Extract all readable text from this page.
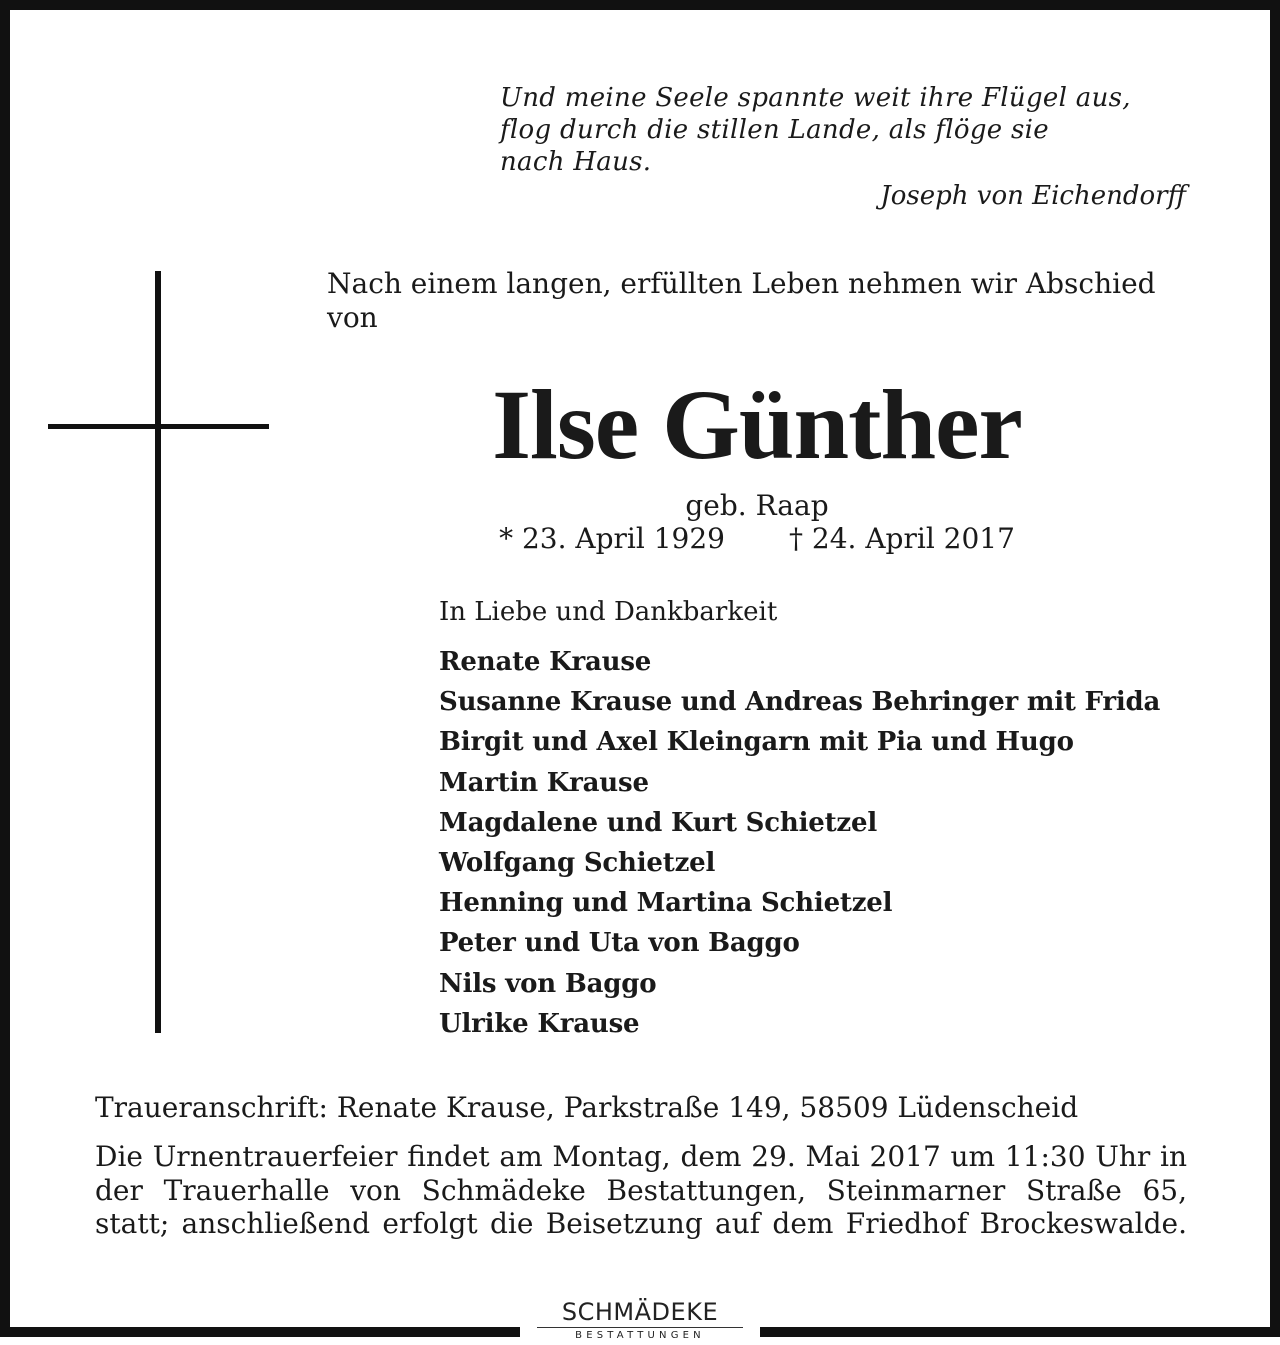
Und meine Seele spannte weit ihre Flügel aus,
flog durch die stillen Lande, als flöge sie
nach Haus.
Joseph von Eichendorff
Nach einem langen, erfüllten Leben nehmen wir Abschied
von
Ilse Günther
geb. Raap
* 23. April 1929 † 24. April 2017
In Liebe und Dankbarkeit
Renate Krause
Susanne Krause und Andreas Behringer mit Frida
Birgit und Axel Kleingarn mit Pia und Hugo
Martin Krause
Magdalene und Kurt Schietzel
Wolfgang Schietzel
Henning und Martina Schietzel
Peter und Uta von Baggo
Nils von Baggo
Ulrike Krause
Traueranschrift: Renate Krause, Parkstraße 149, 58509 Lüdenscheid
Die Urnentrauerfeier findet am Montag, dem 29. Mai 2017 um 11:30 Uhr in
der Trauerhalle von Schmädeke Bestattungen, Steinmarner Straße 65,
statt; anschließend erfolgt die Beisetzung auf dem Friedhof Brockeswalde.
SCHMÄDEKE
BESTATTUNGEN
